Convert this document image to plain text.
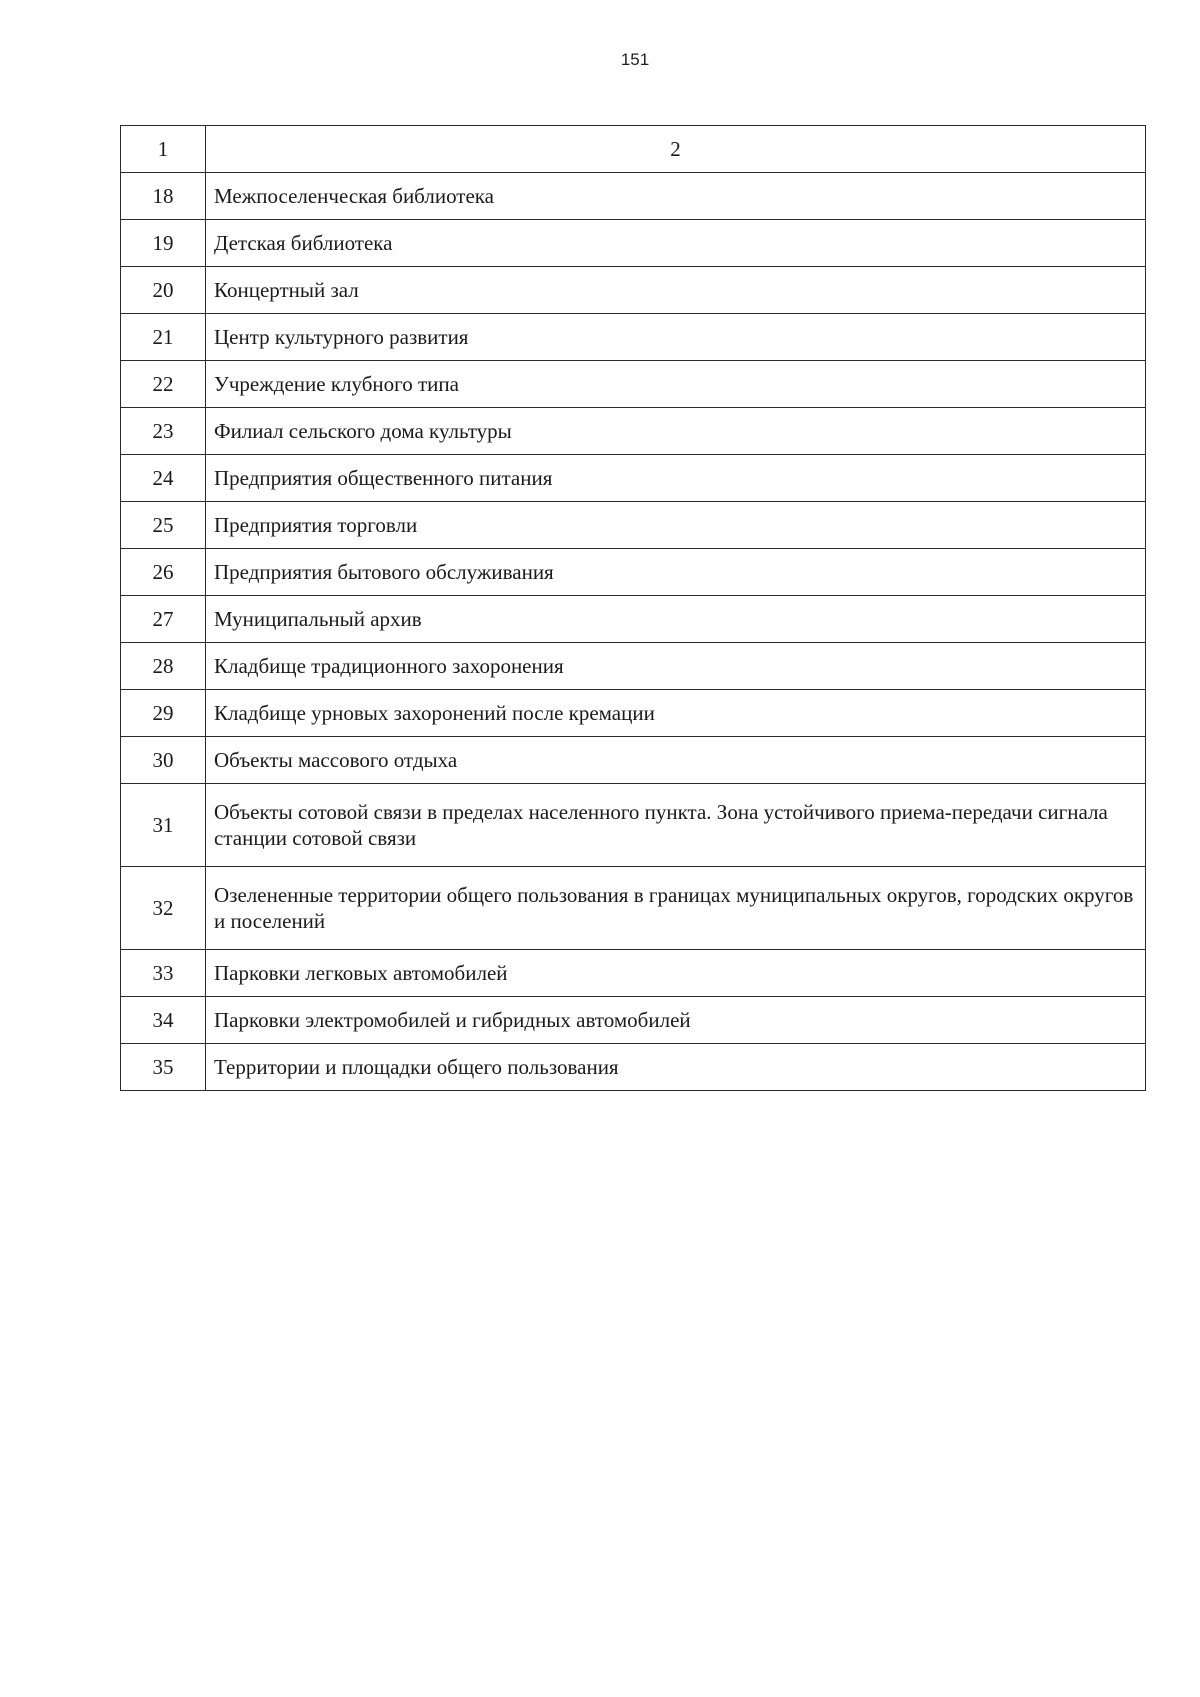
151
1	2
18	Межпоселенческая библиотека
19	Детская библиотека
20	Концертный зал
21	Центр культурного развития
22	Учреждение клубного типа
23	Филиал сельского дома культуры
24	Предприятия общественного питания
25	Предприятия торговли
26	Предприятия бытового обслуживания
27	Муниципальный архив
28	Кладбище традиционного захоронения
29	Кладбище урновых захоронений после кремации
30	Объекты массового отдыха
31	Объекты сотовой связи в пределах населенного пункта. Зона устойчивого приема-передачи сигнала станции сотовой связи
32	Озелененные территории общего пользования в границах муниципальных округов, городских округов и поселений
33	Парковки легковых автомобилей
34	Парковки электромобилей и гибридных автомобилей
35	Территории и площадки общего пользования
